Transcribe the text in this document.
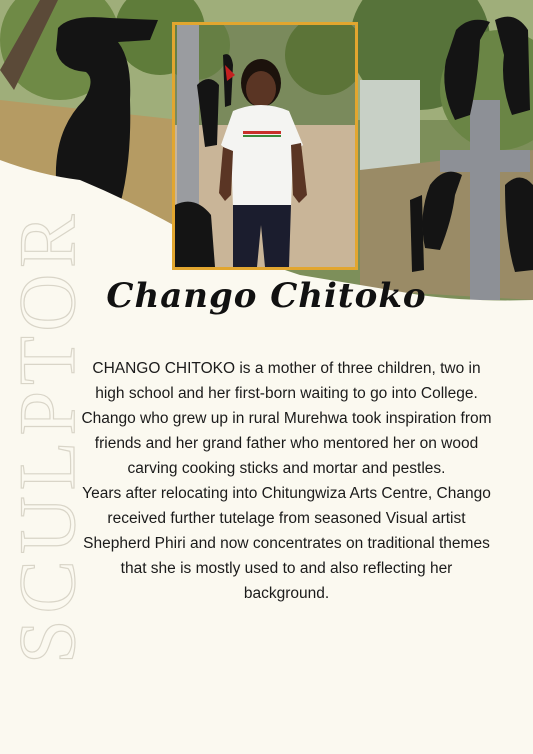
SCULPTOR Chango Chitoko

CHANGO CHITOKO is a mother of three children, two in high school and her first-born waiting to go into College. Chango who grew up in rural Murehwa took inspiration from friends and her grand father who mentored her on wood carving cooking sticks and mortar and pestles.

Years after relocating into Chitungwiza Arts Centre, Chango received further tutelage from seasoned Visual artist Shepherd Phiri and now concentrates on traditional themes that she is mostly used to and also reflecting her background.
